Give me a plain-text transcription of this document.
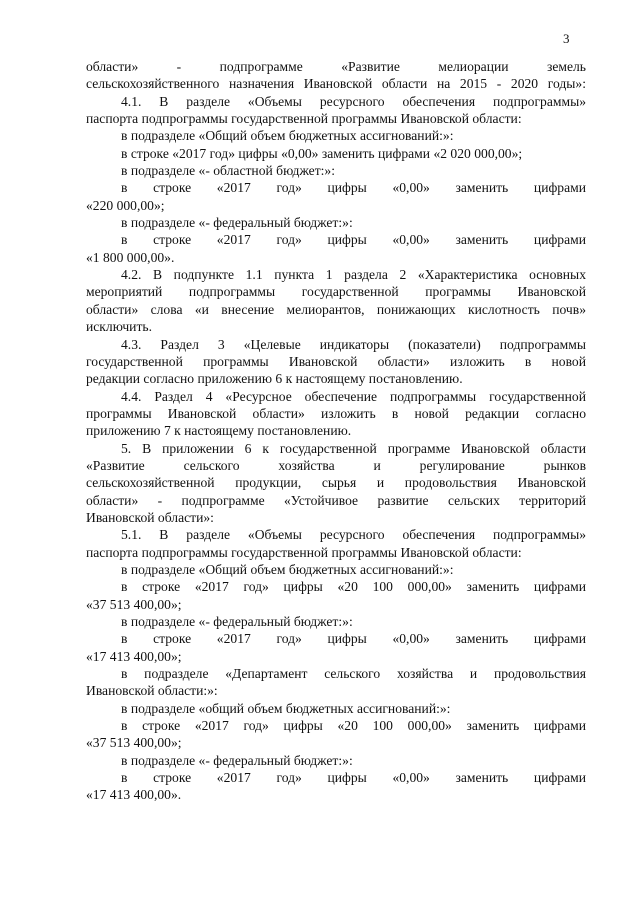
3

области» - подпрограмме «Развитие мелиорации земель

сельскохозяйственного назначения Ивановской области на 2015 - 2020 годы»:

4.1. В разделе «Объемы ресурсного обеспечения подпрограммы»

паспорта подпрограммы государственной программы Ивановской области:

в подразделе «Общий объем бюджетных ассигнований:»:

в строке «2017 год» цифры «0,00» заменить цифрами «2 020 000,00»;

в подразделе «- областной бюджет:»:

в строке «2017 год» цифры «0,00» заменить цифрами

«220 000,00»;

в подразделе «- федеральный бюджет:»:

в строке «2017 год» цифры «0,00» заменить цифрами

«1 800 000,00».

4.2. В подпункте 1.1 пункта 1 раздела 2 «Характеристика основных

мероприятий подпрограммы государственной программы Ивановской

области» слова «и внесение мелиорантов, понижающих кислотность почв»

исключить.

4.3. Раздел 3 «Целевые индикаторы (показатели) подпрограммы

государственной программы Ивановской области» изложить в новой

редакции согласно приложению 6 к настоящему постановлению.

4.4. Раздел 4 «Ресурсное обеспечение подпрограммы государственной

программы Ивановской области» изложить в новой редакции согласно

приложению 7 к настоящему постановлению.

5. В приложении 6 к государственной программе Ивановской области

«Развитие сельского хозяйства и регулирование рынков

сельскохозяйственной продукции, сырья и продовольствия Ивановской

области» - подпрограмме «Устойчивое развитие сельских территорий

Ивановской области»:

5.1. В разделе «Объемы ресурсного обеспечения подпрограммы»

паспорта подпрограммы государственной программы Ивановской области:

в подразделе «Общий объем бюджетных ассигнований:»:

в строке «2017 год» цифры «20 100 000,00» заменить цифрами

«37 513 400,00»;

в подразделе «- федеральный бюджет:»:

в строке «2017 год» цифры «0,00» заменить цифрами

«17 413 400,00»;

в подразделе «Департамент сельского хозяйства и продовольствия

Ивановской области:»:

в подразделе «общий объем бюджетных ассигнований:»:

в строке «2017 год» цифры «20 100 000,00» заменить цифрами

«37 513 400,00»;

в подразделе «- федеральный бюджет:»:

в строке «2017 год» цифры «0,00» заменить цифрами

«17 413 400,00».
